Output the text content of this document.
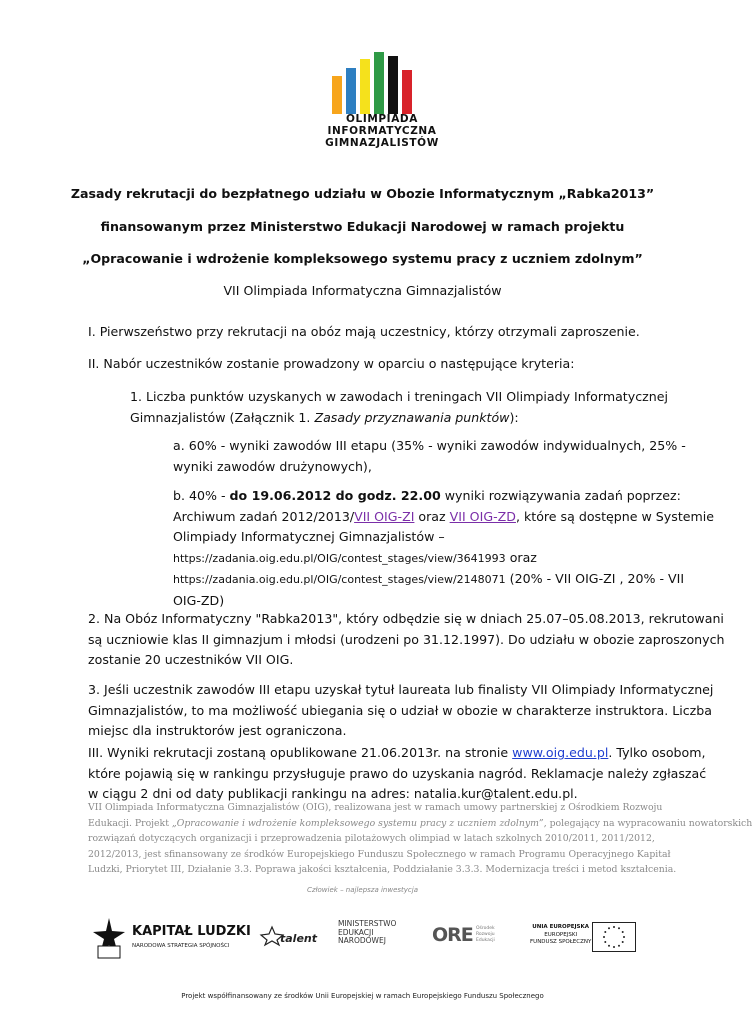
OLIMPIADA
INFORMATYCZNA
GIMNAZJALISTÓW
Zasady rekrutacji do bezpłatnego udziału w Obozie Informatycznym „Rabka2013”
finansowanym przez Ministerstwo Edukacji Narodowej w ramach projektu
„Opracowanie i wdrożenie kompleksowego systemu pracy z uczniem zdolnym”
VII Olimpiada Informatyczna Gimnazjalistów
I. Pierwszeństwo przy rekrutacji na obóz mają uczestnicy, którzy otrzymali zaproszenie.
II. Nabór uczestników zostanie prowadzony w oparciu o następujące kryteria:
1. Liczba punktów uzyskanych w zawodach i treningach VII Olimpiady Informatycznej
Gimnazjalistów (Załącznik 1. Zasady przyznawania punktów):
a. 60% - wyniki zawodów III etapu (35% - wyniki zawodów indywidualnych, 25% -
wyniki zawodów drużynowych),
b. 40% - do 19.06.2012 do godz. 22.00 wyniki rozwiązywania zadań poprzez:
Archiwum zadań 2012/2013/VII OIG-ZI oraz VII OIG-ZD, które są dostępne w Systemie
Olimpiady Informatycznej Gimnazjalistów –
https://zadania.oig.edu.pl/OIG/contest_stages/view/3641993 oraz
https://zadania.oig.edu.pl/OIG/contest_stages/view/2148071 (20% - VII OIG-ZI , 20% - VII
OIG-ZD)
2. Na Obóz Informatyczny "Rabka2013", który odbędzie się w dniach 25.07–05.08.2013, rekrutowani
są uczniowie klas II gimnazjum i młodsi (urodzeni po 31.12.1997). Do udziału w obozie zaproszonych
zostanie 20 uczestników VII OIG.
3. Jeśli uczestnik zawodów III etapu uzyskał tytuł laureata lub finalisty VII Olimpiady Informatycznej
Gimnazjalistów, to ma możliwość ubiegania się o udział w obozie w charakterze instruktora. Liczba
miejsc dla instruktorów jest ograniczona.
III. Wyniki rekrutacji zostaną opublikowane 21.06.2013r. na stronie www.oig.edu.pl. Tylko osobom,
które pojawią się w rankingu przysługuje prawo do uzyskania nagród. Reklamacje należy zgłaszać
w ciągu 2 dni od daty publikacji rankingu na adres: natalia.kur@talent.edu.pl.
VII Olimpiada Informatyczna Gimnazjalistów (OIG), realizowana jest w ramach umowy partnerskiej z Ośrodkiem Rozwoju
Edukacji. Projekt „Opracowanie i wdrożenie kompleksowego systemu pracy z uczniem zdolnym” , polegający na wypracowaniu nowatorskich
rozwiązań dotyczących organizacji i przeprowadzenia pilotażowych olimpiad w latach szkolnych 2010/2011, 2011/2012,
2012/2013, jest sfinansowany ze środków Europejskiego Funduszu Społecznego w ramach Programu Operacyjnego Kapitał
Ludzki, Priorytet III, Działanie 3.3. Poprawa jakości kształcenia, Poddziałanie 3.3.3. Modernizacja treści i metod kształcenia.
Człowiek – najlepsza inwestycja
KAPITAŁ LUDZKI
NARODOWA STRATEGIA SPÓJNOŚCI
talent
MINISTERSTWO
EDUKACJI
NARODOWEJ	ORE Ośrodek
Rozwoju
Edukacji
UNIA EUROPEJSKA
EUROPEJSKI
FUNDUSZ SPOŁECZNY
Projekt współfinansowany ze środków Unii Europejskiej w ramach Europejskiego Funduszu Społecznego
